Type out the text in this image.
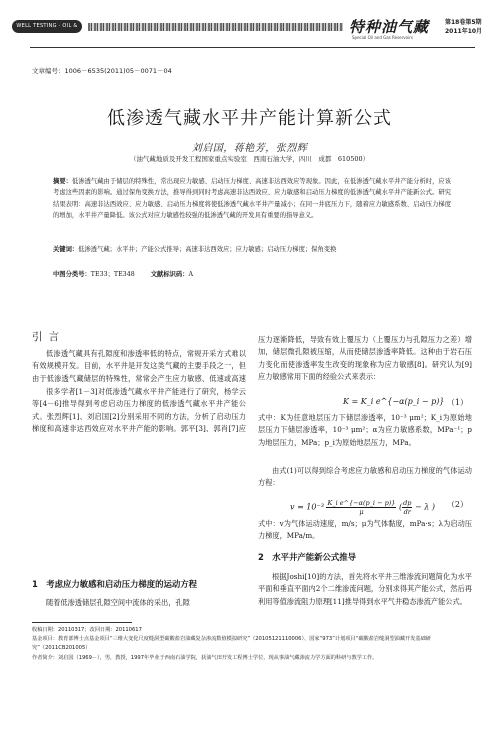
WELL TESTING · OIL & GAS
特种油气藏
Special Oil and Gas Reservoirs
第18卷第5期
2011年10月
文章编号：1006－6535(2011)05－0071－04
低渗透气藏水平井产能计算新公式
刘启国，蒋艳芳，张烈辉
（油气藏地质及开发工程国家重点实验室　西南石油大学，四川　成都　610500）
摘要：低渗透气藏由于储层的特殊性，常出现应力敏感、启动压力梯度、高速非达西效应等现象。因此，在低渗透气藏水平井产能分析时，应该考虑这些因素的影响。通过保角变换方法，推导得到同时考虑高速非达西效应、应力敏感和启动压力梯度的低渗透气藏水平井产能新公式。研究结果表明：高速非达西效应、应力敏感、启动压力梯度将使低渗透气藏水平井产量减小；在同一井底压力下，随着应力敏感系数、启动压力梯度的增加，水平井产量降低。该公式对应力敏感性较强的低渗透气藏的开发具有重要的指导意义。
关键词：低渗透气藏；水平井；产能公式推导；高速非达西效应；应力敏感；启动压力梯度；保角变换
中图分类号：TE33；TE348	文献标识码：A
引言
低渗透气藏具有孔隙度和渗透率低的特点，常规开采方式难以有效规模开发。目前，水平井是开发这类气藏的主要手段之一，但由于低渗透气藏储层的特殊性，常常会产生应力敏感、低速或高速
很多学者[1－3]对低渗透气藏水平井产能进行了研究，杨学云等[4－6]推导得到考虑启动压力梯度的低渗透气藏水平井产能公式。张烈辉[1]、刘启国[2]分别采用不同的方法，分析了启动压力梯度和高速非达西效应对水平井产能的影响。郭平[3]、郭肖[7]应
1　考虑应力敏感和启动压力梯度的运动方程
随着低渗透储层孔隙空间中流体的采出，孔隙
压力逐渐降低，导致有效上覆压力（上覆压力与孔隙压力之差）增加，储层微孔隙被压缩，从而使储层渗透率降低。这种由于岩石压力变化而使渗透率发生改变的现象称为应力敏感[8]。研究认为[9]应力敏感常用下面的经验公式来表示：
K = K_i e^{−α(p_i − p)} （1）
式中：K为任意地层压力下储层渗透率，10⁻³ μm²；K_i为原始地层压力下储层渗透率，10⁻³ μm²；α为应力敏感系数，MPa⁻¹；p为地层压力，MPa；p_i为原始地层压力，MPa。
由式(1)可以得到综合考虑应力敏感和启动压力梯度的气体运动方程：
$v = 10^{-3} \frac{\text{K\_i e\textasciicircum{}\{−α(p\_i − p)\}}}{\mu}$ ( $\frac{dp}{dr} - \lambda$ ) （2）
式中：v为气体运动速度，m/s；μ为气体黏度，mPa·s；λ为启动压力梯度，MPa/m。
2　水平井产能新公式推导
根据Joshi[10]的方法，首先将水平井三维渗流问题简化为水平平面和垂直平面内2个二维渗流问题，分别求得其产能公式，然后再利用等值渗流阻力原理[11]推导得到水平气井稳态渗流产能公式。
收稿日期：20110317；改回日期：20110617
基金项目：教育部博士点基金项目“三维大变化尺度缝洞型碳酸盐岩油藏复杂渗流数值模拟研究”（20105121110006）、国家“973”计划项目“碳酸盐岩缝洞型油藏开发基础研究”（2011CB201005）
作者简介：刘启国（1969－），男，教授，1997年毕业于西南石油学院，获油气田开发工程博士学位，现从事油气藏渗流力学方面的科研与教学工作。
